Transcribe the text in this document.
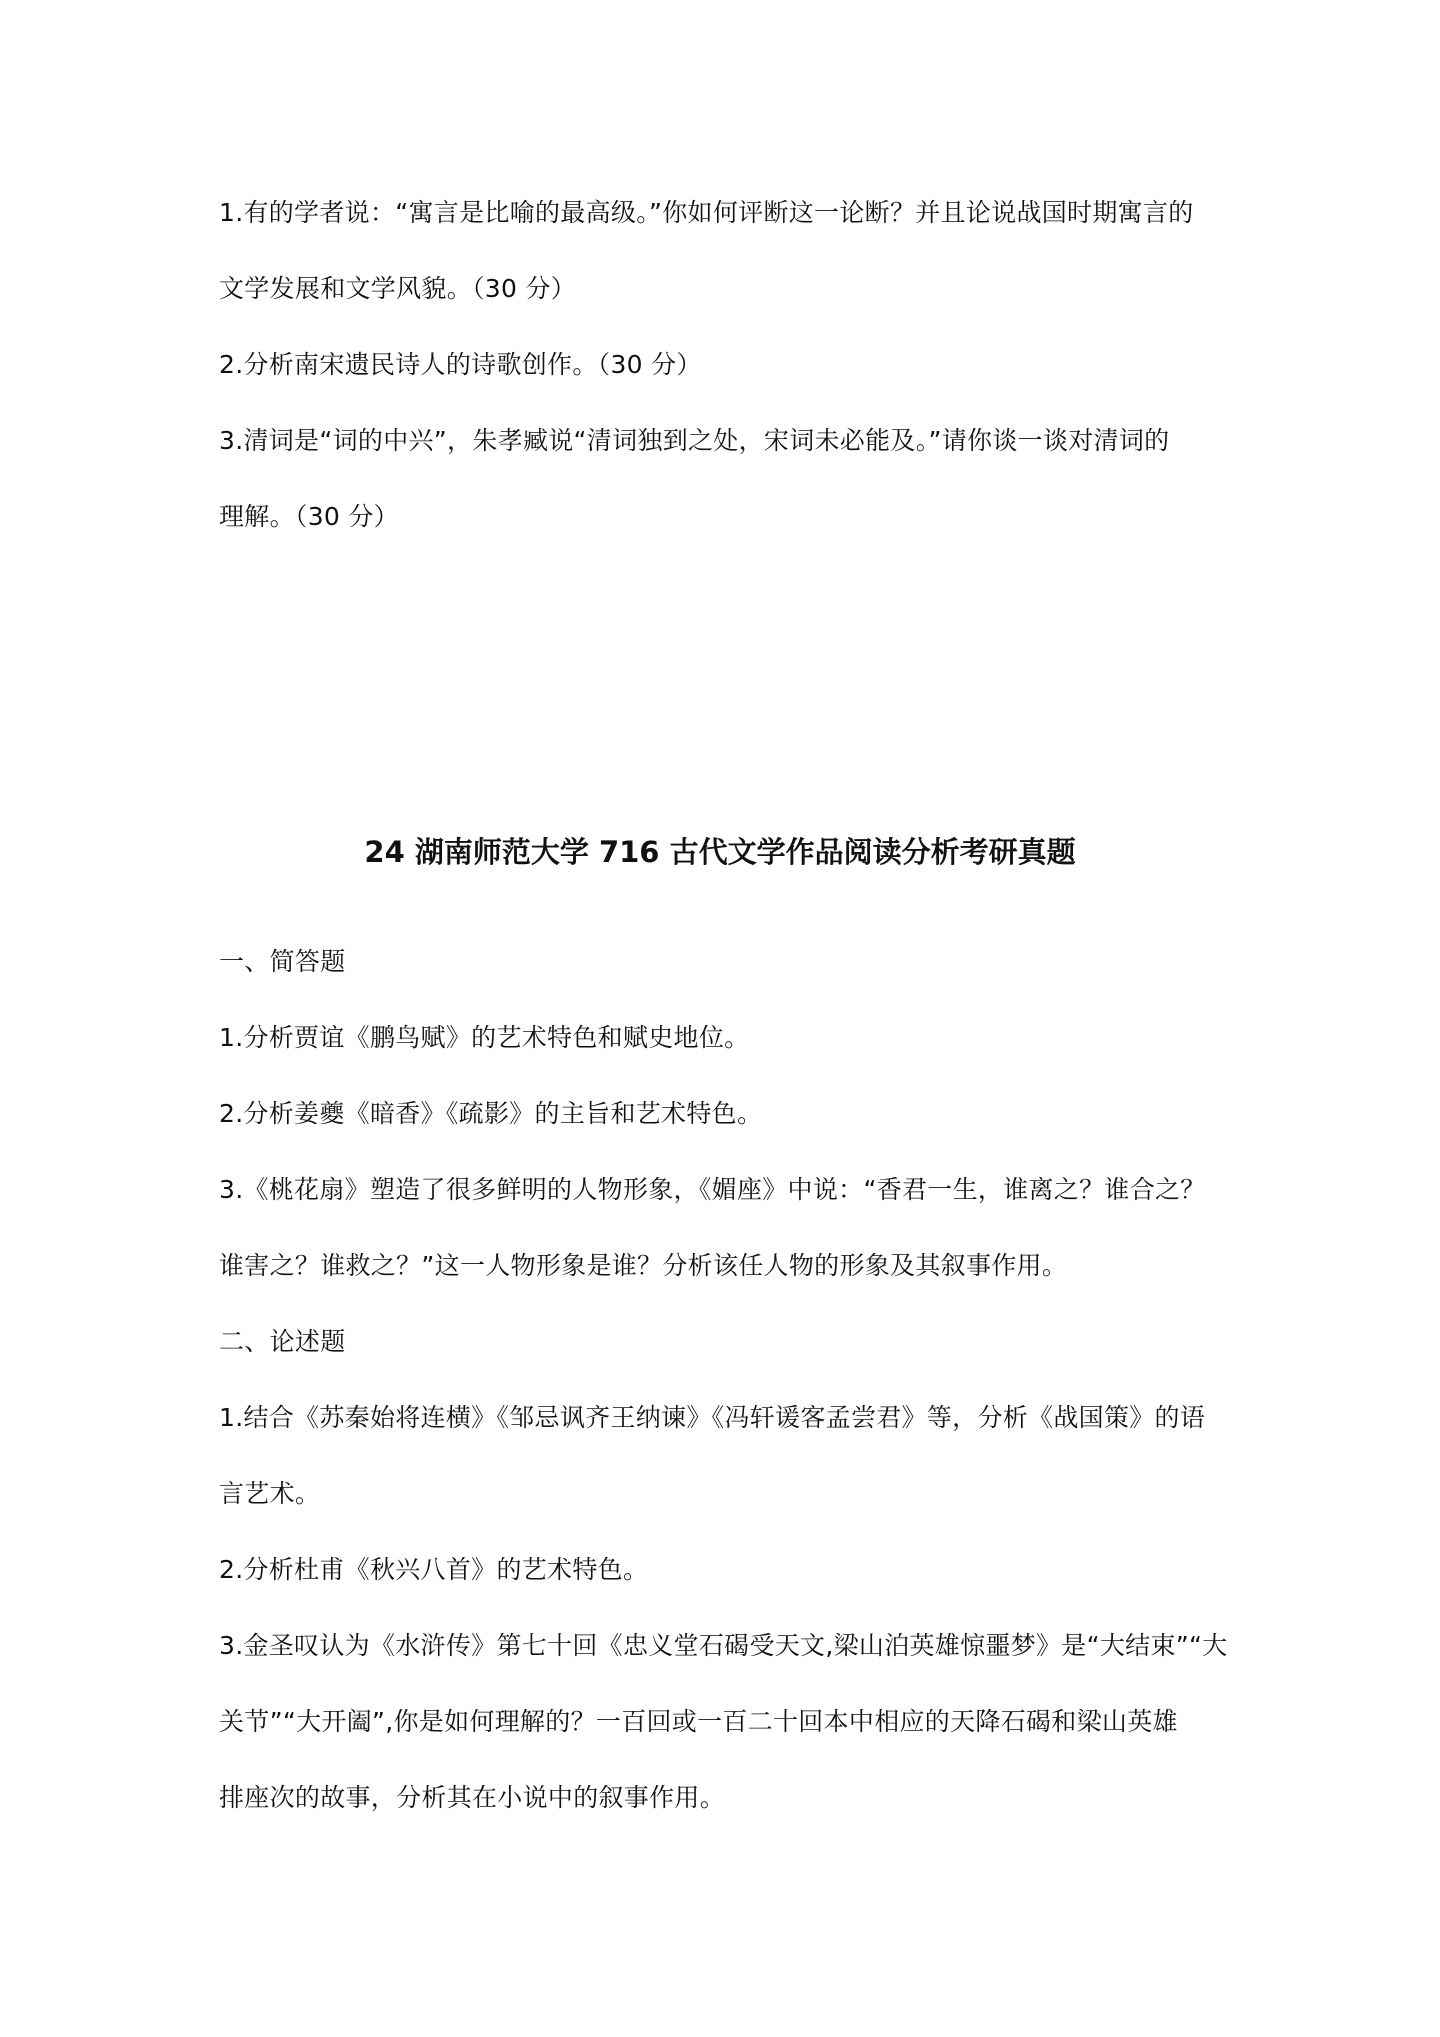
1.有的学者说：“寓言是比喻的最高级。”你如何评断这一论断？并且论说战国时期寓言的
文学发展和文学风貌。（30 分）
2.分析南宋遗民诗人的诗歌创作。（30 分）
3.清词是“词的中兴”，朱孝臧说“清词独到之处，宋词未必能及。”请你谈一谈对清词的
理解。（30 分）
24 湖南师范大学 716 古代文学作品阅读分析考研真题
一、简答题
1.分析贾谊《鹏鸟赋》的艺术特色和赋史地位。
2.分析姜夔《暗香》《疏影》的主旨和艺术特色。
3.《桃花扇》塑造了很多鲜明的人物形象，《媚座》中说：“香君一生，谁离之？谁合之？
谁害之？谁救之？”这一人物形象是谁？分析该任人物的形象及其叙事作用。
二、论述题
1.结合《苏秦始将连横》《邹忌讽齐王纳谏》《冯轩谖客孟尝君》等，分析《战国策》的语
言艺术。
2.分析杜甫《秋兴八首》的艺术特色。
3.金圣叹认为《水浒传》第七十回《忠义堂石碣受天文,梁山泊英雄惊噩梦》是“大结束”“大
关节”“大开阖”,你是如何理解的？一百回或一百二十回本中相应的天降石碣和梁山英雄
排座次的故事，分析其在小说中的叙事作用。
